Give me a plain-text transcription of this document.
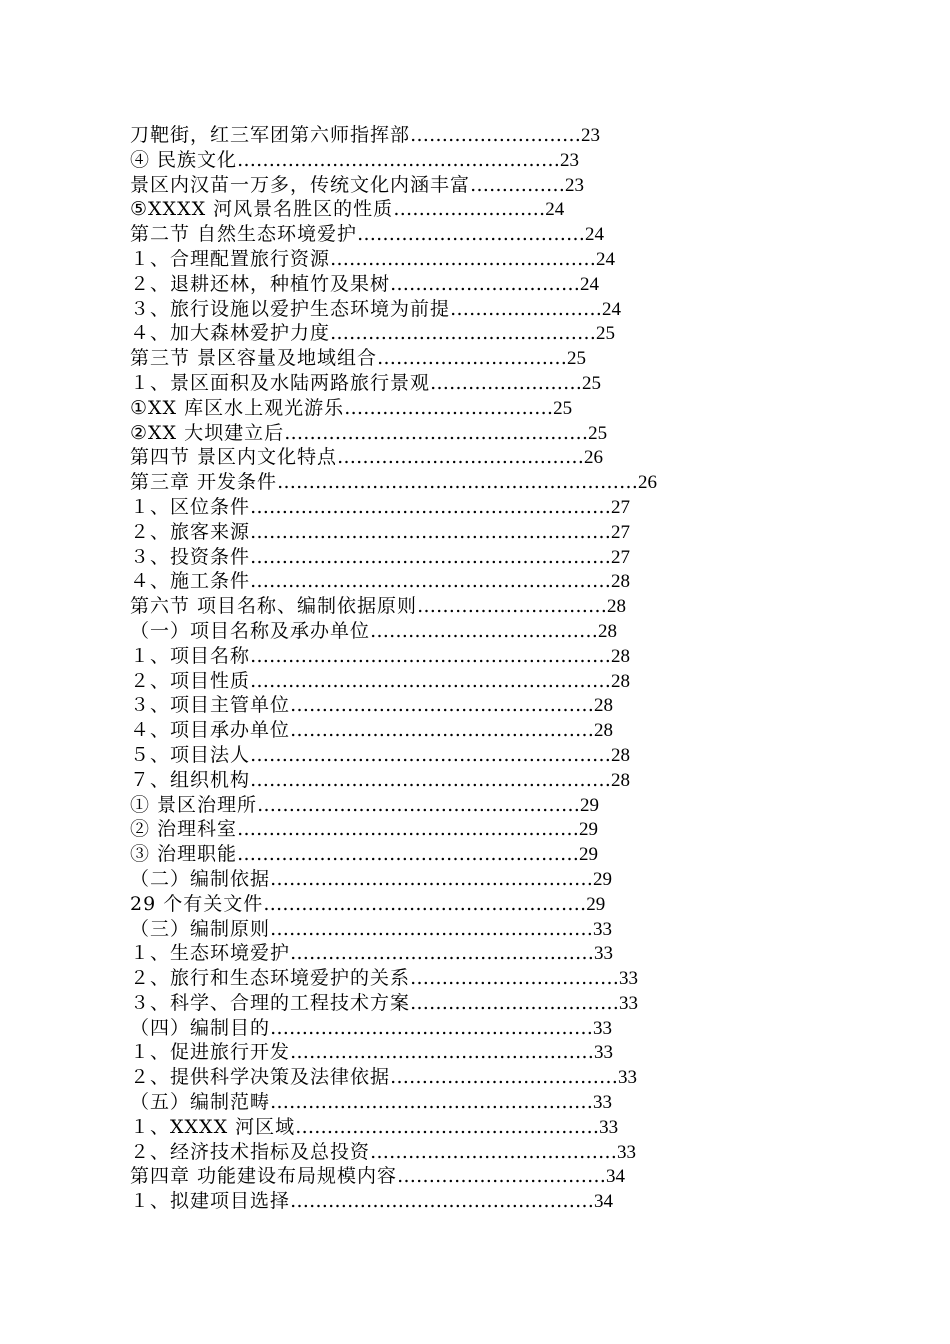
刀靶街，红三军团第六师指挥部………………………23
④ 民族文化……………………………………………23
景区内汉苗一万多，传统文化内涵丰富……………23
⑤XXXX 河风景名胜区的性质……………………24
第二节 自然生态环境爱护………………………………24
１、合理配置旅行资源……………………………………24
２、退耕还林，种植竹及果树…………………………24
３、旅行设施以爱护生态环境为前提……………………24
４、加大森林爱护力度……………………………………25
第三节 景区容量及地域组合…………………………25
１、景区面积及水陆两路旅行景观……………………25
①XX 库区水上观光游乐……………………………25
②XX 大坝建立后…………………………………………25
第四节 景区内文化特点…………………………………26
第三章 开发条件…………………………………………………26
１、区位条件…………………………………………………27
２、旅客来源…………………………………………………27
３、投资条件…………………………………………………27
４、施工条件…………………………………………………28
第六节 项目名称、编制依据原则…………………………28
（一）项目名称及承办单位………………………………28
１、项目名称…………………………………………………28
２、项目性质…………………………………………………28
３、项目主管单位…………………………………………28
４、项目承办单位…………………………………………28
５、项目法人…………………………………………………28
７、组织机构…………………………………………………28
① 景区治理所……………………………………………29
② 治理科室………………………………………………29
③ 治理职能………………………………………………29
（二）编制依据……………………………………………29
29 个有关文件……………………………………………29
（三）编制原则……………………………………………33
１、生态环境爱护…………………………………………33
２、旅行和生态环境爱护的关系……………………………33
３、科学、合理的工程技术方案……………………………33
（四）编制目的……………………………………………33
１、促进旅行开发…………………………………………33
２、提供科学决策及法律依据………………………………33
（五）编制范畴……………………………………………33
１、XXXX 河区域…………………………………………33
２、经济技术指标及总投资…………………………………33
第四章 功能建设布局规模内容……………………………34
１、拟建项目选择…………………………………………34
